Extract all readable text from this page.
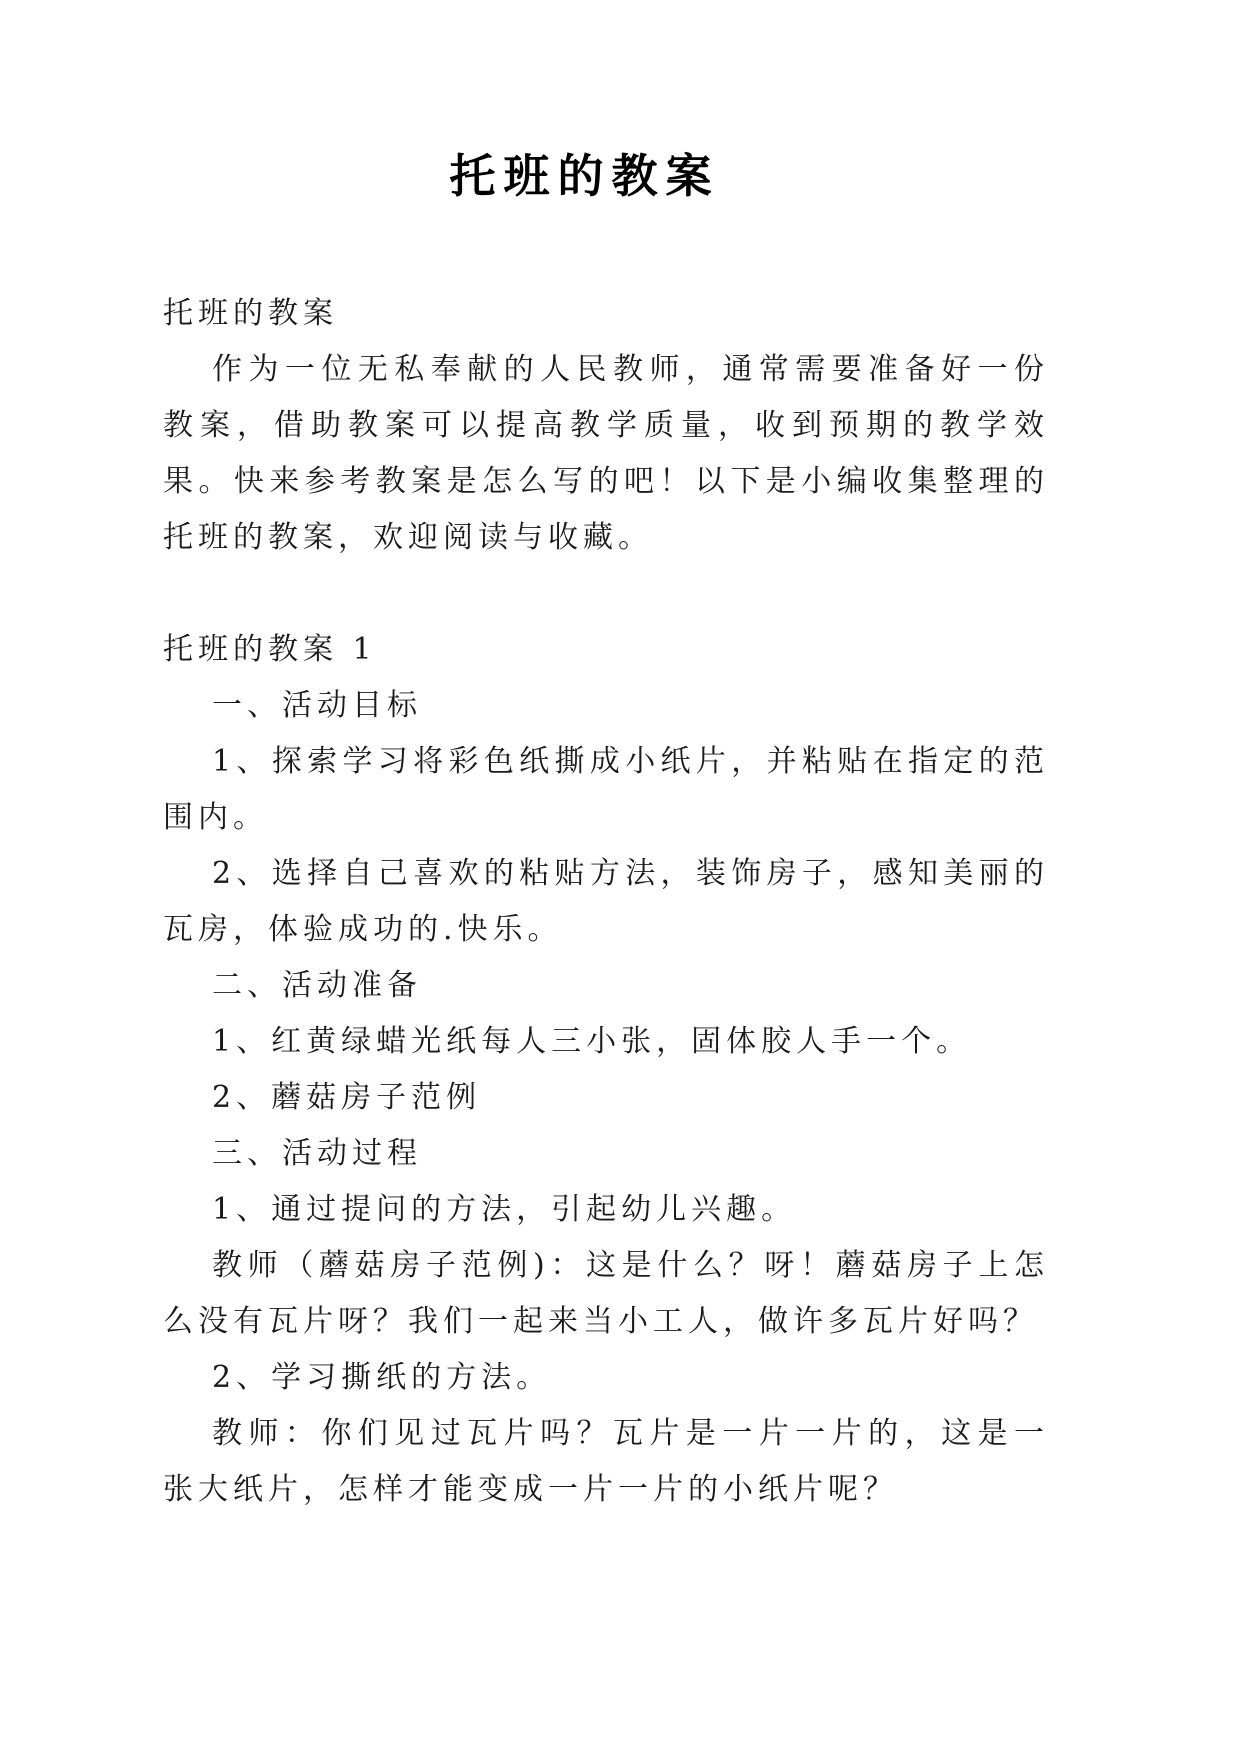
托班的教案

托班的教案

作为一位无私奉献的人民教师，通常需要准备好一份教案，借助教案可以提高教学质量，收到预期的教学效果。快来参考教案是怎么写的吧！以下是小编收集整理的托班的教案，欢迎阅读与收藏。

托班的教案 1

一、活动目标

1、探索学习将彩色纸撕成小纸片，并粘贴在指定的范围内。

2、选择自己喜欢的粘贴方法，装饰房子，感知美丽的瓦房，体验成功的.快乐。

二、活动准备

1、红黄绿蜡光纸每人三小张，固体胶人手一个。

2、蘑菇房子范例

三、活动过程

1、通过提问的方法，引起幼儿兴趣。

教师（蘑菇房子范例)：这是什么？呀！蘑菇房子上怎么没有瓦片呀？我们一起来当小工人，做许多瓦片好吗？

2、学习撕纸的方法。

教师：你们见过瓦片吗？瓦片是一片一片的，这是一张大纸片，怎样才能变成一片一片的小纸片呢？
